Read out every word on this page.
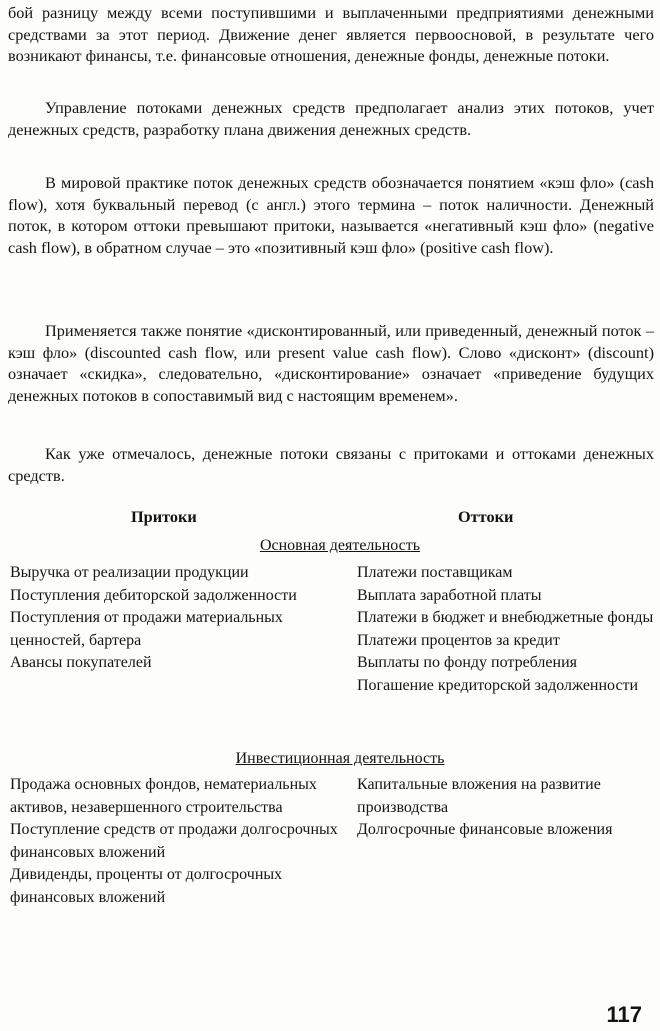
бой разницу между всеми поступившими и выплаченными предприятиями денежными средствами за этот период. Движение денег является первоосновой, в результате чего возникают финансы, т.е. финансовые отношения, денежные фонды, денежные потоки.

Управление потоками денежных средств предполагает анализ этих потоков, учет денежных средств, разработку плана движения денежных средств.

В мировой практике поток денежных средств обозначается понятием «кэш фло» (cash flow), хотя буквальный перевод (с англ.) этого термина – поток наличности. Денежный поток, в котором оттоки превышают притоки, называется «негативный кэш фло» (negative cash flow), в обратном случае – это «позитивный кэш фло» (positive cash flow).

Применяется также понятие «дисконтированный, или приведенный, денежный поток – кэш фло» (discounted cash flow, или present value cash flow). Слово «дисконт» (discount) означает «скидка», следовательно, «дисконтирование» означает «приведение будущих денежных потоков в сопоставимый вид с настоящим временем».

Как уже отмечалось, денежные потоки связаны с притоками и оттоками денежных средств.

Притоки	Оттоки

Основная деятельность

Выручка от реализации продукции
Поступления дебиторской задолженности
Поступления от продажи материальных ценностей, бартера
Авансы покупателей
Платежи поставщикам
Выплата заработной платы
Платежи в бюджет и внебюджетные фонды
Платежи процентов за кредит
Выплаты по фонду потребления
Погашение кредиторской задолженности

Инвестиционная деятельность

Продажа основных фондов, нематериальных активов, незавершенного строительства
Поступление средств от продажи долгосрочных финансовых вложений
Дивиденды, проценты от долгосрочных финансовых вложений
Капитальные вложения на развитие производства
Долгосрочные финансовые вложения

117
